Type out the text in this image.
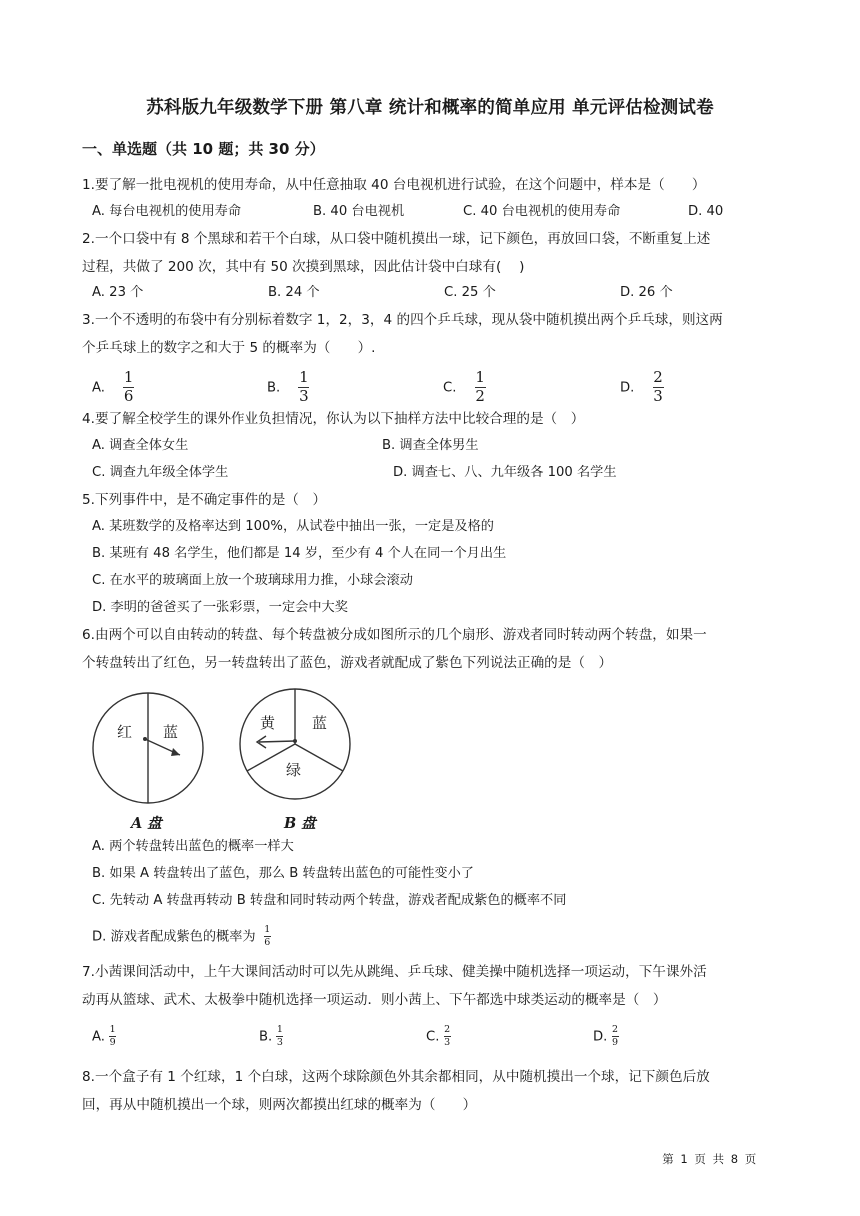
苏科版九年级数学下册 第八章 统计和概率的简单应用 单元评估检测试卷
一、单选题（共 10 题；共 30 分）
1.要了解一批电视机的使用寿命，从中任意抽取 40 台电视机进行试验，在这个问题中，样本是（　　）
A. 每台电视机的使用寿命	B. 40 台电视机	C. 40 台电视机的使用寿命	D. 40
2.一个口袋中有 8 个黑球和若干个白球，从口袋中随机摸出一球，记下颜色，再放回口袋，不断重复上述
过程，共做了 200 次，其中有 50 次摸到黑球，因此估计袋中白球有(　 )
A. 23 个	B. 24 个	C. 25 个	D. 26 个
3.一个不透明的布袋中有分别标着数字 1，2，3，4 的四个乒乓球，现从袋中随机摸出两个乒乓球，则这两
个乒乓球上的数字之和大于 5 的概率为（　　）.
A. $\frac{1}{6}$	B. $\frac{1}{3}$	C. $\frac{1}{2}$	D. $\frac{2}{3}$
4.要了解全校学生的课外作业负担情况，你认为以下抽样方法中比较合理的是（　）
A. 调查全体女生	B. 调查全体男生
C. 调查九年级全体学生	D. 调查七、八、九年级各 100 名学生
5.下列事件中，是不确定事件的是（　）
A. 某班数学的及格率达到 100%，从试卷中抽出一张，一定是及格的
B. 某班有 48 名学生，他们都是 14 岁，至少有 4 个人在同一个月出生
C. 在水平的玻璃面上放一个玻璃球用力推，小球会滚动
D. 李明的爸爸买了一张彩票，一定会中大奖
6.由两个可以自由转动的转盘、每个转盘被分成如图所示的几个扇形、游戏者同时转动两个转盘，如果一
个转盘转出了红色，另一转盘转出了蓝色，游戏者就配成了紫色下列说法正确的是（　）
红 蓝
A 盘
黄 蓝
绿
B 盘
A. 两个转盘转出蓝色的概率一样大
B. 如果 A 转盘转出了蓝色，那么 B 转盘转出蓝色的可能性变小了
C. 先转动 A 转盘再转动 B 转盘和同时转动两个转盘，游戏者配成紫色的概率不同
D. 游戏者配成紫色的概率为 $\frac{1}{6}$
7.小茜课间活动中，上午大课间活动时可以先从跳绳、乒乓球、健美操中随机选择一项运动，下午课外活
动再从篮球、武术、太极拳中随机选择一项运动．则小茜上、下午都选中球类运动的概率是（　）
A. $\frac{1}{9}$	B. $\frac{1}{3}$	C. $\frac{2}{3}$	D. $\frac{2}{9}$
8.一个盒子有 1 个红球，1 个白球，这两个球除颜色外其余都相同，从中随机摸出一个球，记下颜色后放
回，再从中随机摸出一个球，则两次都摸出红球的概率为（　　）
第 1 页 共 8 页
